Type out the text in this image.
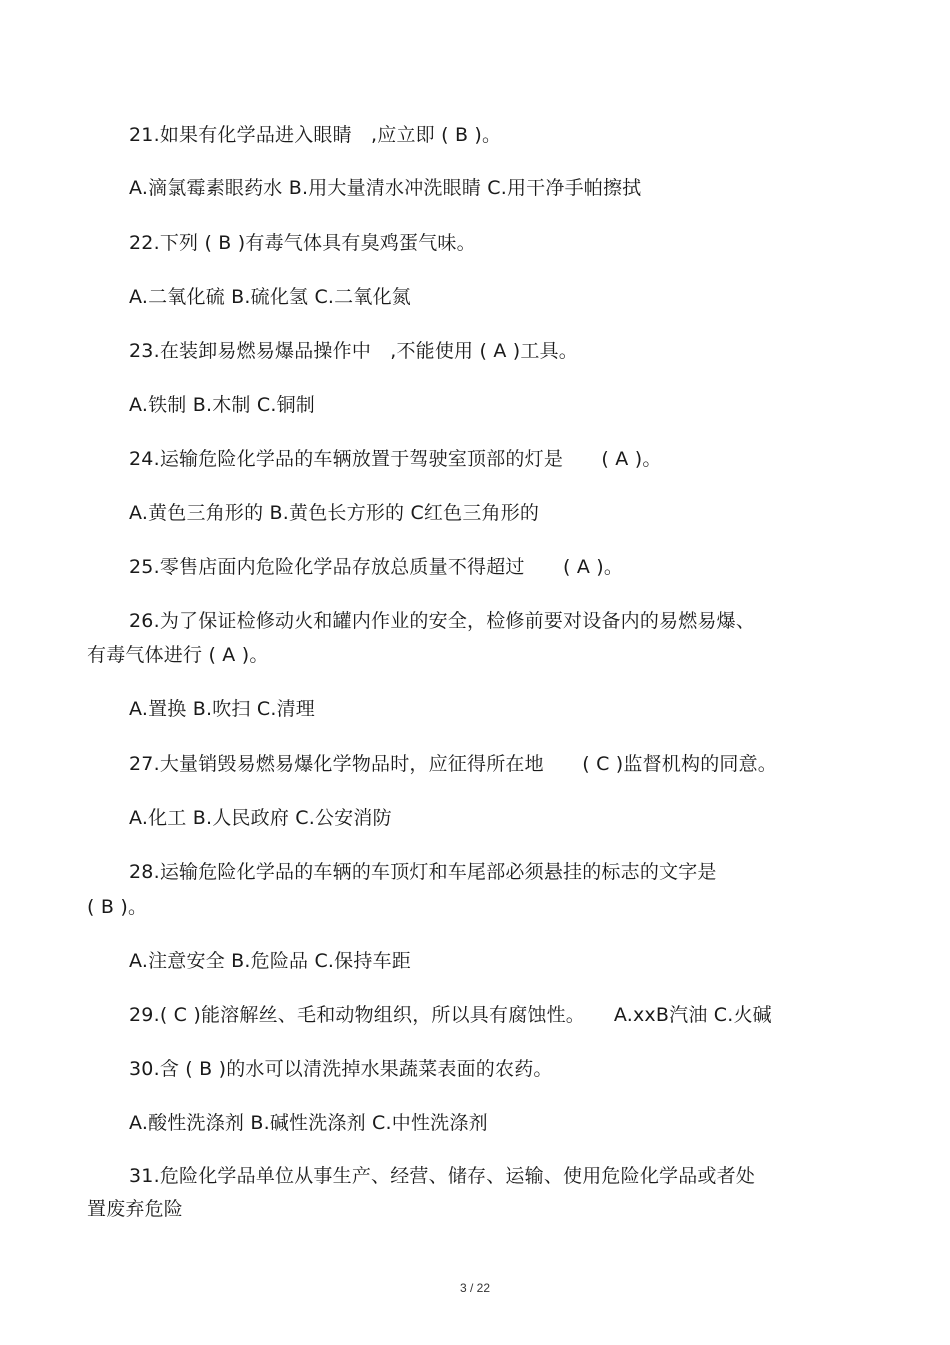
21.如果有化学品进入眼睛　,应立即 ( B )。
A.滴氯霉素眼药水 B.用大量清水冲洗眼睛 C.用干净手帕擦拭
22.下列 ( B )有毒气体具有臭鸡蛋气味。
A.二氧化硫 B.硫化氢 C.二氧化氮
23.在装卸易燃易爆品操作中　,不能使用 ( A )工具。
A.铁制 B.木制 C.铜制
24.运输危险化学品的车辆放置于驾驶室顶部的灯是　　( A )。
A.黄色三角形的 B.黄色长方形的 C红色三角形的
25.零售店面内危险化学品存放总质量不得超过　　( A )。
26.为了保证检修动火和罐内作业的安全，检修前要对设备内的易燃易爆、
有毒气体进行 ( A )。
A.置换 B.吹扫 C.清理
27.大量销毁易燃易爆化学物品时，应征得所在地　　( C )监督机构的同意。
A.化工 B.人民政府 C.公安消防
28.运输危险化学品的车辆的车顶灯和车尾部必须悬挂的标志的文字是
( B )。
A.注意安全 B.危险品 C.保持车距
29.( C )能溶解丝、毛和动物组织，所以具有腐蚀性。　　A.xxB汽油 C.火碱
30.含 ( B )的水可以清洗掉水果蔬菜表面的农药。
A.酸性洗涤剂 B.碱性洗涤剂 C.中性洗涤剂
31.危险化学品单位从事生产、经营、储存、运输、使用危险化学品或者处
置废弃危险
3 / 22
